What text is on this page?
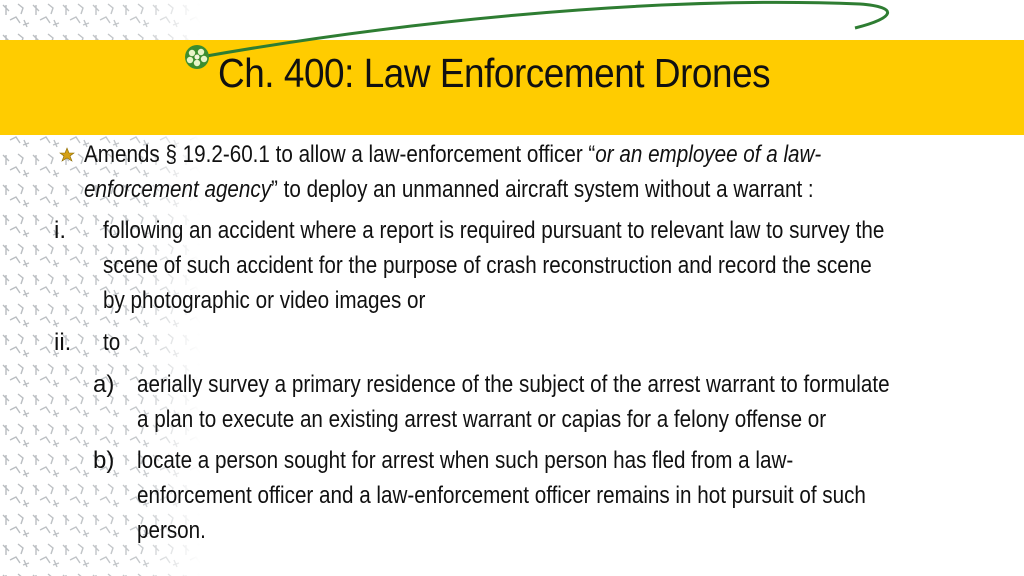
Ch. 400: Law Enforcement Drones
Amends § 19.2-60.1 to allow a law-enforcement officer “or an employee of a law-
enforcement agency” to deploy an unmanned aircraft system without a warrant :
i. following an accident where a report is required pursuant to relevant law to survey the
scene of such accident for the purpose of crash reconstruction and record the scene
by photographic or video images or
ii. to
a) aerially survey a primary residence of the subject of the arrest warrant to formulate
a plan to execute an existing arrest warrant or capias for a felony offense or
b) locate a person sought for arrest when such person has fled from a law-
enforcement officer and a law-enforcement officer remains in hot pursuit of such
person.
